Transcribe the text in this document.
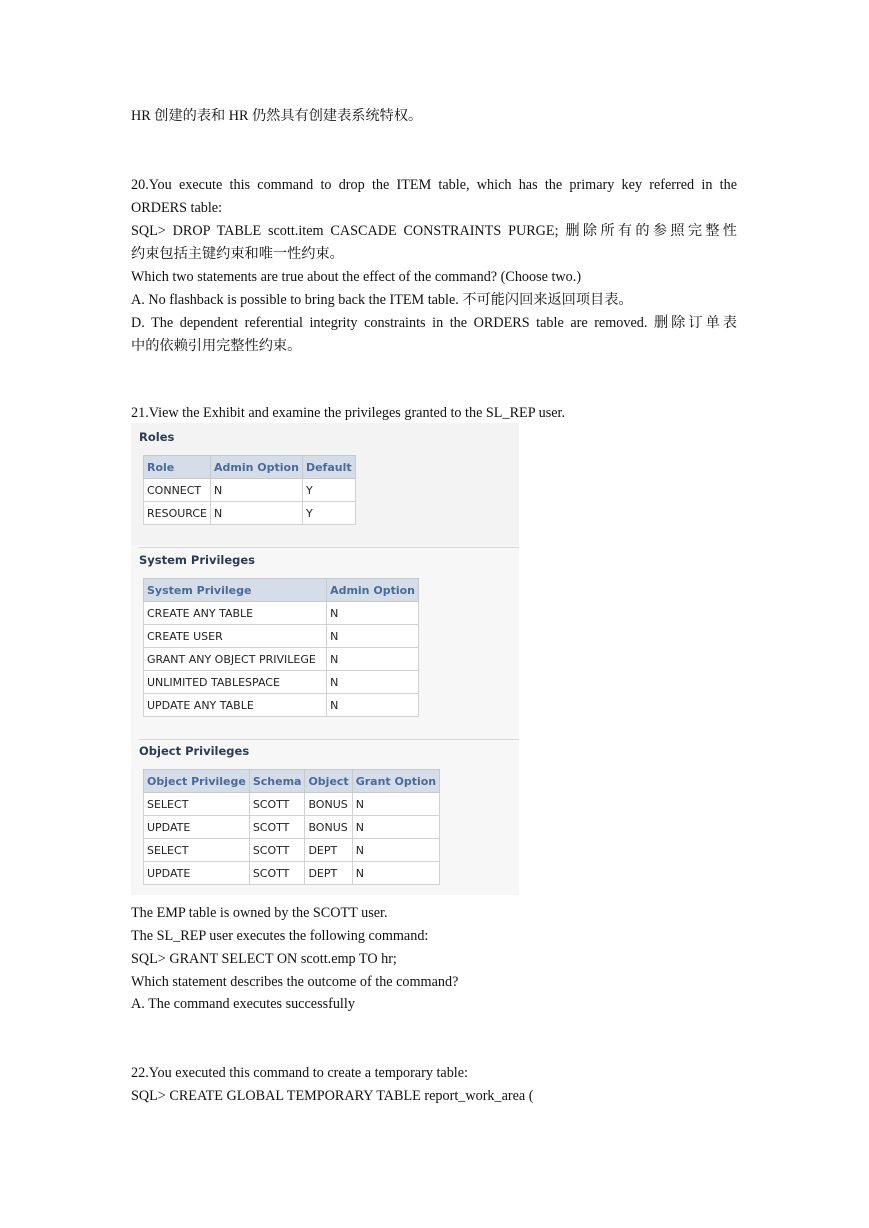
HR 创建的表和 HR 仍然具有创建表系统特权。
20.You execute this command to drop the ITEM table, which has the primary key referred in the
ORDERS table:
SQL> DROP TABLE scott.item CASCADE CONSTRAINTS PURGE; 删除所有的参照完整性
约束包括主键约束和唯一性约束。
Which two statements are true about the effect of the command? (Choose two.)
A. No flashback is possible to bring back the ITEM table. 不可能闪回来返回项目表。
D. The dependent referential integrity constraints in the ORDERS table are removed. 删除订单表
中的依赖引用完整性约束。
21.View the Exhibit and examine the privileges granted to the SL_REP user.
Roles
Role	Admin Option	Default
CONNECT	N	Y
RESOURCE	N	Y
System Privileges
System Privilege	Admin Option
CREATE ANY TABLE	N
CREATE USER	N
GRANT ANY OBJECT PRIVILEGE	N
UNLIMITED TABLESPACE	N
UPDATE ANY TABLE	N
Object Privileges
Object Privilege	Schema	Object	Grant Option
SELECT	SCOTT	BONUS	N
UPDATE	SCOTT	BONUS	N
SELECT	SCOTT	DEPT	N
UPDATE	SCOTT	DEPT	N
The EMP table is owned by the SCOTT user.
The SL_REP user executes the following command:
SQL> GRANT SELECT ON scott.emp TO hr;
Which statement describes the outcome of the command?
A. The command executes successfully
22.You executed this command to create a temporary table:
SQL> CREATE GLOBAL TEMPORARY TABLE report_work_area (
